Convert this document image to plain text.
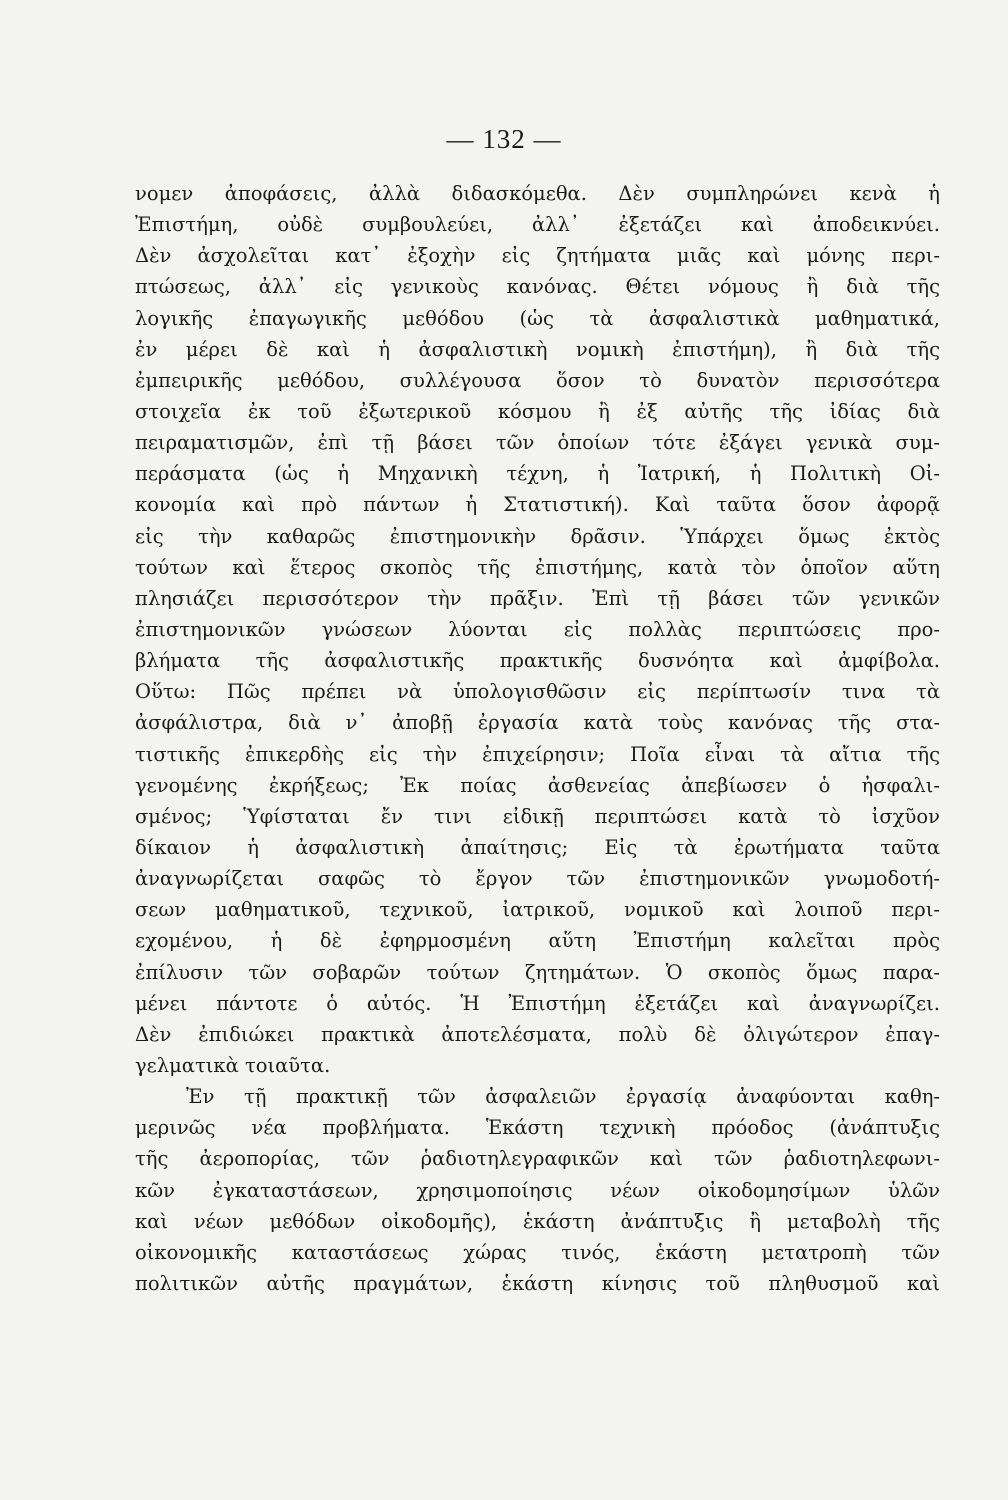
— 132 —
νομεν ἀποφάσεις, ἀλλὰ διδασκόμεθα. Δὲν συμπληρώνει κενὰ ἡ
Ἐπιστήμη, οὐδὲ συμβουλεύει, ἀλλ᾽ ἐξετάζει καὶ ἀποδεικνύει.
Δὲν ἀσχολεῖται κατ᾽ ἐξοχὴν εἰς ζητήματα μιᾶς καὶ μόνης περι-
πτώσεως, ἀλλ᾽ εἰς γενικοὺς κανόνας. Θέτει νόμους ἢ διὰ τῆς
λογικῆς ἐπαγωγικῆς μεθόδου (ὡς τὰ ἀσφαλιστικὰ μαθηματικά,
ἐν μέρει δὲ καὶ ἡ ἀσφαλιστικὴ νομικὴ ἐπιστήμη), ἢ διὰ τῆς
ἐμπειρικῆς μεθόδου, συλλέγουσα ὅσον τὸ δυνατὸν περισσότερα
στοιχεῖα ἐκ τοῦ ἐξωτερικοῦ κόσμου ἢ ἐξ αὐτῆς τῆς ἰδίας διὰ
πειραματισμῶν, ἐπὶ τῇ βάσει τῶν ὁποίων τότε ἐξάγει γενικὰ συμ-
περάσματα (ὡς ἡ Μηχανικὴ τέχνη, ἡ Ἰατρική, ἡ Πολιτικὴ Οἰ-
κονομία καὶ πρὸ πάντων ἡ Στατιστική). Καὶ ταῦτα ὅσον ἀφορᾷ
εἰς τὴν καθαρῶς ἐπιστημονικὴν δρᾶσιν. Ὑπάρχει ὅμως ἐκτὸς
τούτων καὶ ἕτερος σκοπὸς τῆς ἐπιστήμης, κατὰ τὸν ὁποῖον αὕτη
πλησιάζει περισσότερον τὴν πρᾶξιν. Ἐπὶ τῇ βάσει τῶν γενικῶν
ἐπιστημονικῶν γνώσεων λύονται εἰς πολλὰς περιπτώσεις προ-
βλήματα τῆς ἀσφαλιστικῆς πρακτικῆς δυσνόητα καὶ ἀμφίβολα.
Οὕτω: Πῶς πρέπει νὰ ὑπολογισθῶσιν εἰς περίπτωσίν τινα τὰ
ἀσφάλιστρα, διὰ ν᾽ ἀποβῇ ἐργασία κατὰ τοὺς κανόνας τῆς στα-
τιστικῆς ἐπικερδὴς εἰς τὴν ἐπιχείρησιν; Ποῖα εἶναι τὰ αἴτια τῆς
γενομένης ἐκρήξεως; Ἐκ ποίας ἀσθενείας ἀπεβίωσεν ὁ ἠσφαλι-
σμένος; Ὑφίσταται ἔν τινι εἰδικῇ περιπτώσει κατὰ τὸ ἰσχῦον
δίκαιον ἡ ἀσφαλιστικὴ ἀπαίτησις; Εἰς τὰ ἐρωτήματα ταῦτα
ἀναγνωρίζεται σαφῶς τὸ ἔργον τῶν ἐπιστημονικῶν γνωμοδοτή-
σεων μαθηματικοῦ, τεχνικοῦ, ἰατρικοῦ, νομικοῦ καὶ λοιποῦ περι-
εχομένου, ἡ δὲ ἐφηρμοσμένη αὕτη Ἐπιστήμη καλεῖται πρὸς
ἐπίλυσιν τῶν σοβαρῶν τούτων ζητημάτων. Ὁ σκοπὸς ὅμως παρα-
μένει πάντοτε ὁ αὐτός. Ἡ Ἐπιστήμη ἐξετάζει καὶ ἀναγνωρίζει.
Δὲν ἐπιδιώκει πρακτικὰ ἀποτελέσματα, πολὺ δὲ ὀλιγώτερον ἐπαγ-
γελματικὰ τοιαῦτα.
Ἐν τῇ πρακτικῇ τῶν ἀσφαλειῶν ἐργασίᾳ ἀναφύονται καθη-
μερινῶς νέα προβλήματα. Ἑκάστη τεχνικὴ πρόοδος (ἀνάπτυξις
τῆς ἀεροπορίας, τῶν ῥαδιοτηλεγραφικῶν καὶ τῶν ῥαδιοτηλεφωνι-
κῶν ἐγκαταστάσεων, χρησιμοποίησις νέων οἰκοδομησίμων ὑλῶν
καὶ νέων μεθόδων οἰκοδομῆς), ἑκάστη ἀνάπτυξις ἢ μεταβολὴ τῆς
οἰκονομικῆς καταστάσεως χώρας τινός, ἑκάστη μετατροπὴ τῶν
πολιτικῶν αὐτῆς πραγμάτων, ἑκάστη κίνησις τοῦ πληθυσμοῦ καὶ
